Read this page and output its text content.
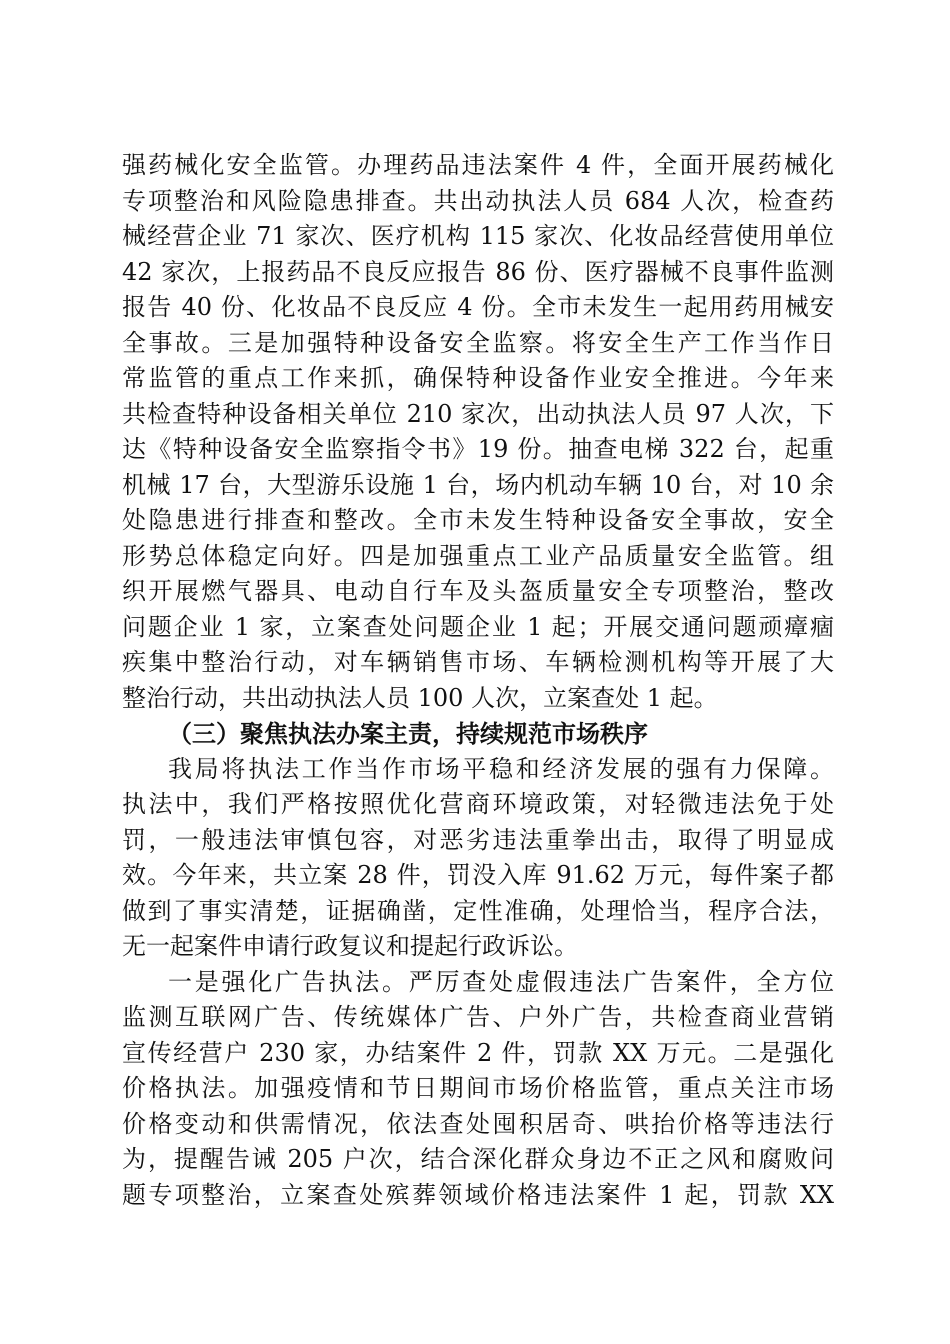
强药械化安全监管。办理药品违法案件 4 件，全面开展药械化
专项整治和风险隐患排查。共出动执法人员 684 人次，检查药
械经营企业 71 家次、医疗机构 115 家次、化妆品经营使用单位
42 家次，上报药品不良反应报告 86 份、医疗器械不良事件监测
报告 40 份、化妆品不良反应 4 份。全市未发生一起用药用械安
全事故。三是加强特种设备安全监察。将安全生产工作当作日
常监管的重点工作来抓，确保特种设备作业安全推进。今年来
共检查特种设备相关单位 210 家次，出动执法人员 97 人次，下
达《特种设备安全监察指令书》19 份。抽查电梯 322 台，起重
机械 17 台，大型游乐设施 1 台，场内机动车辆 10 台，对 10 余
处隐患进行排查和整改。全市未发生特种设备安全事故，安全
形势总体稳定向好。四是加强重点工业产品质量安全监管。组
织开展燃气器具、电动自行车及头盔质量安全专项整治，整改
问题企业 1 家，立案查处问题企业 1 起；开展交通问题顽瘴痼
疾集中整治行动，对车辆销售市场、车辆检测机构等开展了大
整治行动，共出动执法人员 100 人次，立案查处 1 起。
（三）聚焦执法办案主责，持续规范市场秩序
我局将执法工作当作市场平稳和经济发展的强有力保障。
执法中，我们严格按照优化营商环境政策，对轻微违法免于处
罚，一般违法审慎包容，对恶劣违法重拳出击，取得了明显成
效。今年来，共立案 28 件，罚没入库 91.62 万元，每件案子都
做到了事实清楚，证据确凿，定性准确，处理恰当，程序合法，
无一起案件申请行政复议和提起行政诉讼。
一是强化广告执法。严厉查处虚假违法广告案件，全方位
监测互联网广告、传统媒体广告、户外广告，共检查商业营销
宣传经营户 230 家，办结案件 2 件，罚款 XX 万元。二是强化
价格执法。加强疫情和节日期间市场价格监管，重点关注市场
价格变动和供需情况，依法查处囤积居奇、哄抬价格等违法行
为，提醒告诫 205 户次，结合深化群众身边不正之风和腐败问
题专项整治，立案查处殡葬领域价格违法案件 1 起，罚款 XX
